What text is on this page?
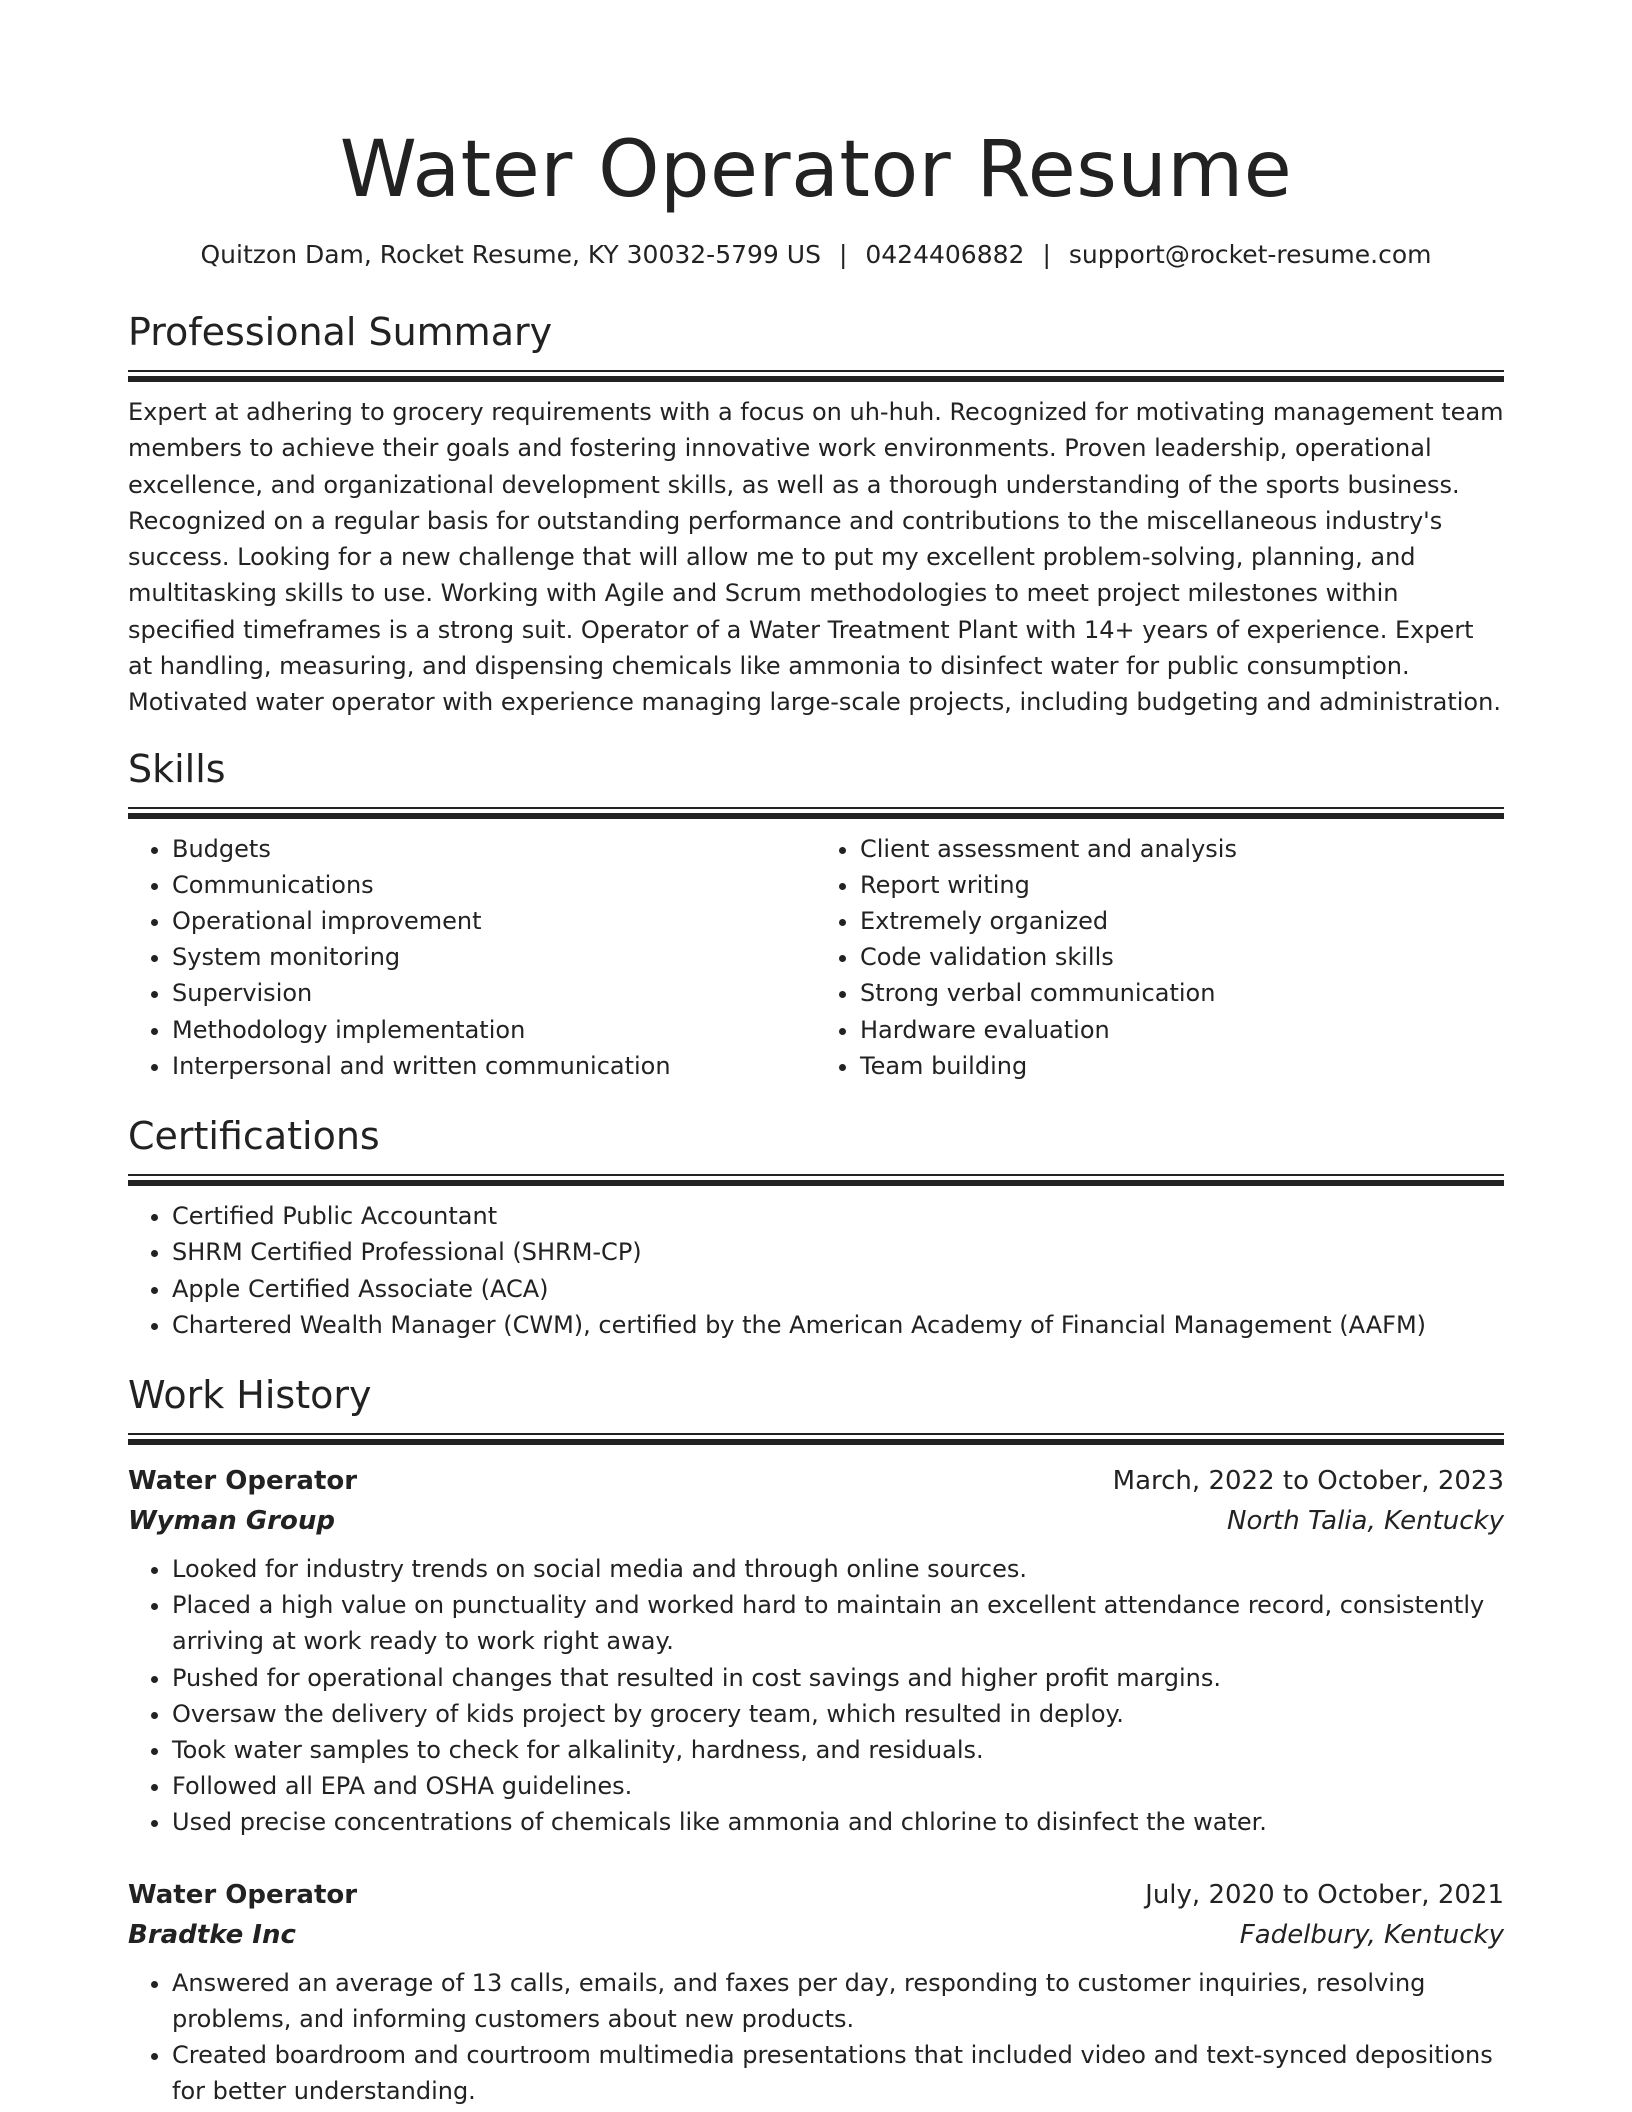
Water Operator Resume
Quitzon Dam, Rocket Resume, KY 30032-5799 US | 0424406882 | support@rocket-resume.com
Professional Summary
Expert at adhering to grocery requirements with a focus on uh-huh. Recognized for motivating management team members to achieve their goals and fostering innovative work environments. Proven leadership, operational excellence, and organizational development skills, as well as a thorough understanding of the sports business. Recognized on a regular basis for outstanding performance and contributions to the miscellaneous industry's success. Looking for a new challenge that will allow me to put my excellent problem-solving, planning, and multitasking skills to use. Working with Agile and Scrum methodologies to meet project milestones within specified timeframes is a strong suit. Operator of a Water Treatment Plant with 14+ years of experience. Expert at handling, measuring, and dispensing chemicals like ammonia to disinfect water for public consumption. Motivated water operator with experience managing large-scale projects, including budgeting and administration.
Skills
• Budgets
• Communications
• Operational improvement
• System monitoring
• Supervision
• Methodology implementation
• Interpersonal and written communication
• Client assessment and analysis
• Report writing
• Extremely organized
• Code validation skills
• Strong verbal communication
• Hardware evaluation
• Team building
Certifications
• Certified Public Accountant
• SHRM Certified Professional (SHRM-CP)
• Apple Certified Associate (ACA)
• Chartered Wealth Manager (CWM), certified by the American Academy of Financial Management (AAFM)
Work History
Water Operator	March, 2022 to October, 2023
Wyman Group	North Talia, Kentucky
• Looked for industry trends on social media and through online sources.
• Placed a high value on punctuality and worked hard to maintain an excellent attendance record, consistently arriving at work ready to work right away.
• Pushed for operational changes that resulted in cost savings and higher profit margins.
• Oversaw the delivery of kids project by grocery team, which resulted in deploy.
• Took water samples to check for alkalinity, hardness, and residuals.
• Followed all EPA and OSHA guidelines.
• Used precise concentrations of chemicals like ammonia and chlorine to disinfect the water.
Water Operator	July, 2020 to October, 2021
Bradtke Inc	Fadelbury, Kentucky
• Answered an average of 13 calls, emails, and faxes per day, responding to customer inquiries, resolving problems, and informing customers about new products.
• Created boardroom and courtroom multimedia presentations that included video and text-synced depositions for better understanding.
